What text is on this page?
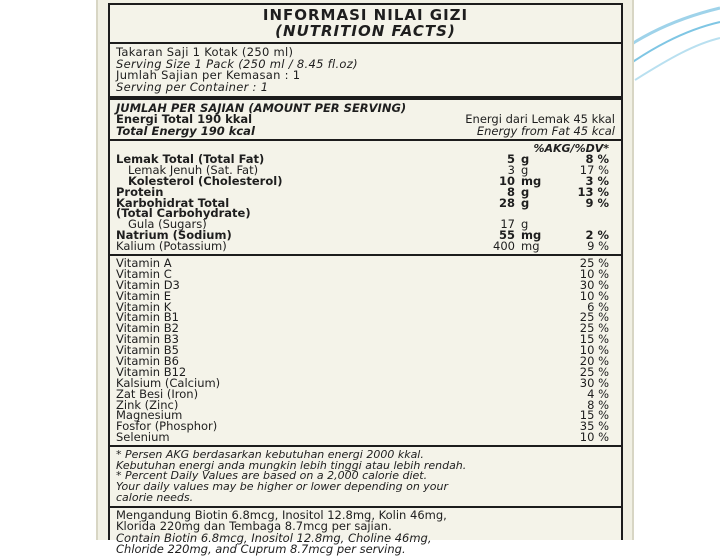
INFORMASI NILAI GIZI
(NUTRITION FACTS)
Takaran Saji 1 Kotak (250 ml)
Serving Size 1 Pack (250 ml / 8.45 fl.oz)
Jumlah Sajian per Kemasan : 1
Serving per Container : 1
JUMLAH PER SAJIAN (AMOUNT PER SERVING)
Energi Total 190 kkal	Energi dari Lemak 45 kkal
Total Energy 190 kcal	Energy from Fat 45 kcal
%AKG/%DV*
Lemak Total (Total Fat)	5 g	8 %
Lemak Jenuh (Sat. Fat)	3 g	17 %
Kolesterol (Cholesterol)	10 mg	3 %
Protein	8 g	13 %
Karbohidrat Total	28 g	9 %
(Total Carbohydrate)
Gula (Sugars)	17 g
Natrium (Sodium)	55 mg	2 %
Kalium (Potassium)	400 mg	9 %
Vitamin A	25 %
Vitamin C	10 %
Vitamin D3	30 %
Vitamin E	10 %
Vitamin K	6 %
Vitamin B1	25 %
Vitamin B2	25 %
Vitamin B3	15 %
Vitamin B5	10 %
Vitamin B6	20 %
Vitamin B12	25 %
Kalsium (Calcium)	30 %
Zat Besi (Iron)	4 %
Zink (Zinc)	8 %
Magnesium	15 %
Fosfor (Phosphor)	35 %
Selenium	10 %
* Persen AKG berdasarkan kebutuhan energi 2000 kkal.
Kebutuhan energi anda mungkin lebih tinggi atau lebih rendah.
* Percent Daily Values are based on a 2,000 calorie diet.
Your daily values may be higher or lower depending on your
calorie needs.
Mengandung Biotin 6.8mcg, Inositol 12.8mg, Kolin 46mg,
Klorida 220mg dan Tembaga 8.7mcg per sajian.
Contain Biotin 6.8mcg, Inositol 12.8mg, Choline 46mg,
Chloride 220mg, and Cuprum 8.7mcg per serving.
